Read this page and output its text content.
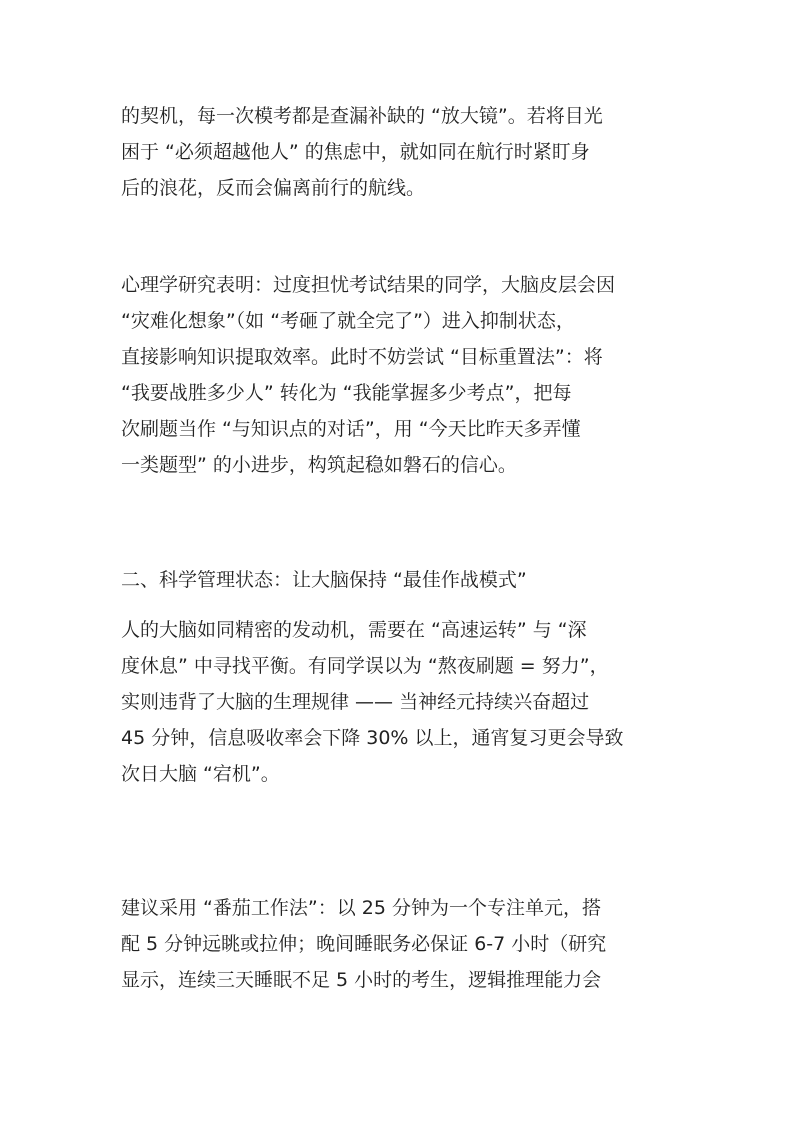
的契机，每一次模考都是查漏补缺的 “放大镜”。若将目光
困于 “必须超越他人” 的焦虑中，就如同在航行时紧盯身
后的浪花，反而会偏离前行的航线。
心理学研究表明：过度担忧考试结果的同学，大脑皮层会因
“灾难化想象”（如 “考砸了就全完了”）进入抑制状态，
直接影响知识提取效率。此时不妨尝试 “目标重置法”：将
“我要战胜多少人” 转化为 “我能掌握多少考点”，把每
次刷题当作 “与知识点的对话”，用 “今天比昨天多弄懂
一类题型” 的小进步，构筑起稳如磐石的信心。
二、科学管理状态：让大脑保持 “最佳作战模式”
人的大脑如同精密的发动机，需要在 “高速运转” 与 “深
度休息” 中寻找平衡。有同学误以为 “熬夜刷题 = 努力”，
实则违背了大脑的生理规律 —— 当神经元持续兴奋超过
45 分钟，信息吸收率会下降 30% 以上，通宵复习更会导致
次日大脑 “宕机”。
建议采用 “番茄工作法”：以 25 分钟为一个专注单元，搭
配 5 分钟远眺或拉伸；晚间睡眠务必保证 6-7 小时（研究
显示，连续三天睡眠不足 5 小时的考生，逻辑推理能力会
